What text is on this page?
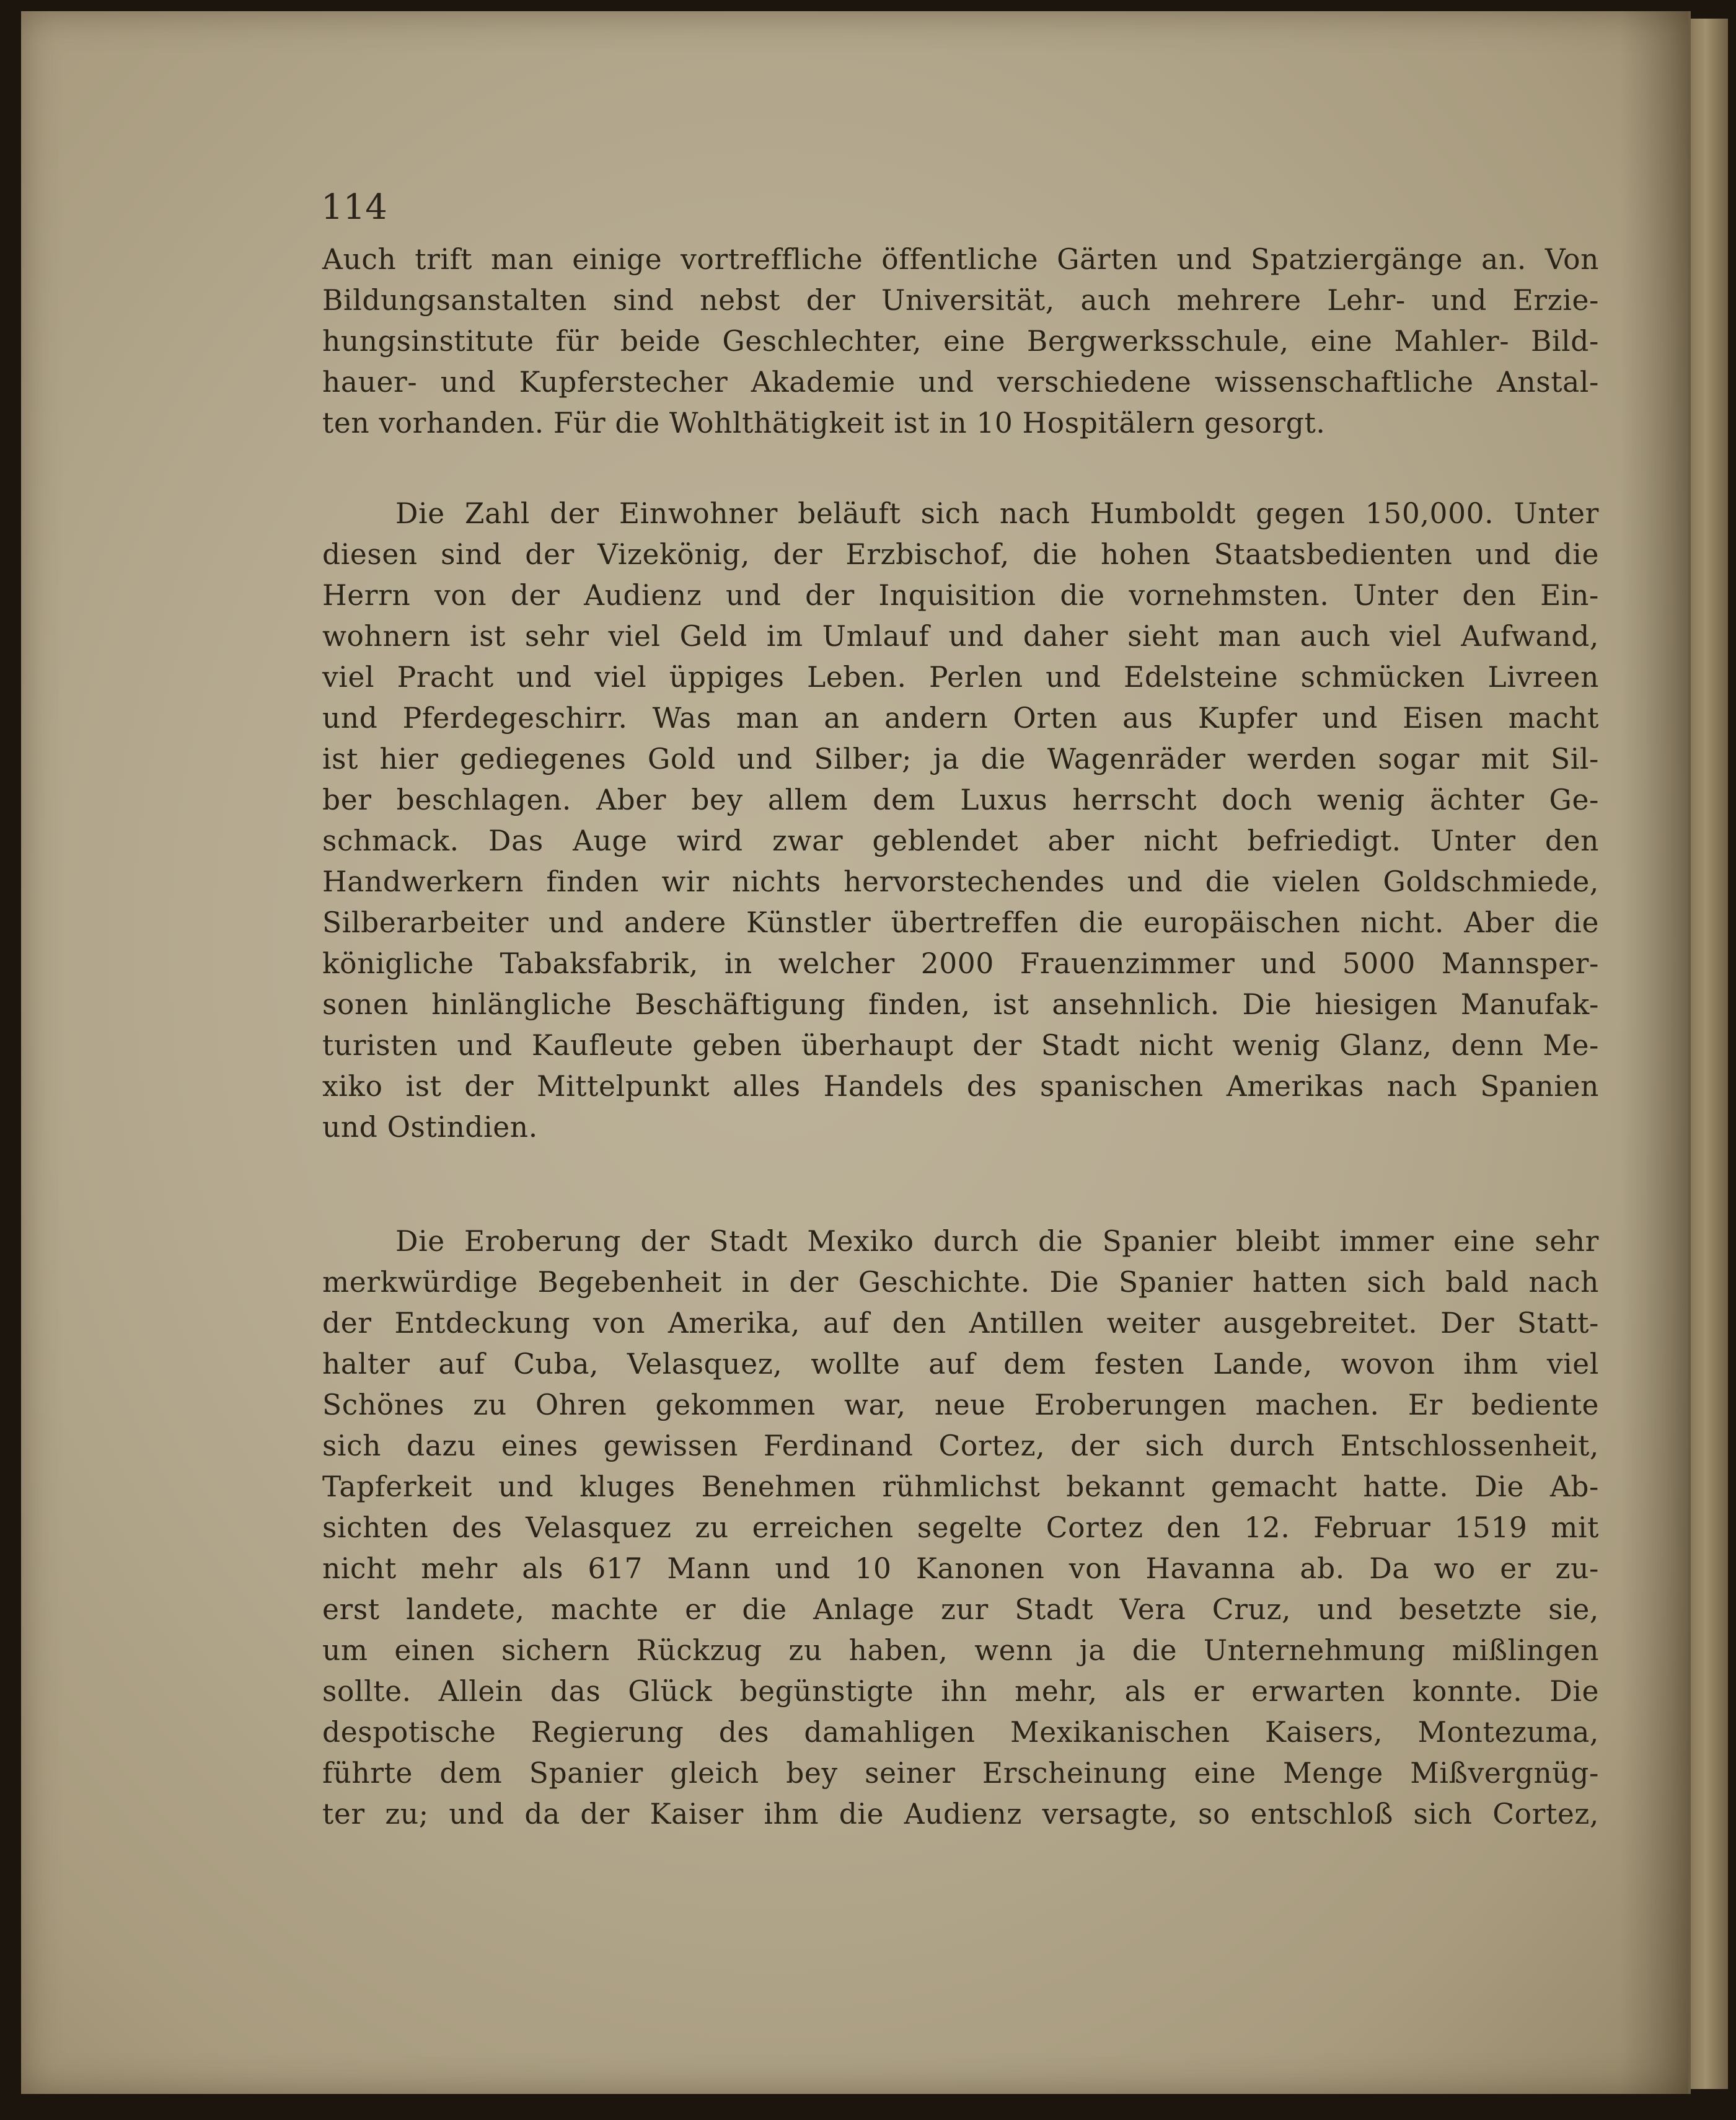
114

Auch trift man einige vortreffliche öffentliche Gärten und Spatziergänge an. Von
Bildungsanstalten sind nebst der Universität, auch mehrere Lehr- und Erzie-
hungsinstitute für beide Geschlechter, eine Bergwerksschule, eine Mahler- Bild-
hauer- und Kupferstecher Akademie und verschiedene wissenschaftliche Anstal-
ten vorhanden. Für die Wohlthätigkeit ist in 10 Hospitälern gesorgt.

Die Zahl der Einwohner beläuft sich nach Humboldt gegen 150,000. Unter
diesen sind der Vizekönig, der Erzbischof, die hohen Staatsbedienten und die
Herrn von der Audienz und der Inquisition die vornehmsten. Unter den Ein-
wohnern ist sehr viel Geld im Umlauf und daher sieht man auch viel Aufwand,
viel Pracht und viel üppiges Leben. Perlen und Edelsteine schmücken Livreen
und Pferdegeschirr. Was man an andern Orten aus Kupfer und Eisen macht
ist hier gediegenes Gold und Silber; ja die Wagenräder werden sogar mit Sil-
ber beschlagen. Aber bey allem dem Luxus herrscht doch wenig ächter Ge-
schmack. Das Auge wird zwar geblendet aber nicht befriedigt. Unter den
Handwerkern finden wir nichts hervorstechendes und die vielen Goldschmiede,
Silberarbeiter und andere Künstler übertreffen die europäischen nicht. Aber die
königliche Tabaksfabrik, in welcher 2000 Frauenzimmer und 5000 Mannsper-
sonen hinlängliche Beschäftigung finden, ist ansehnlich. Die hiesigen Manufak-
turisten und Kaufleute geben überhaupt der Stadt nicht wenig Glanz, denn Me-
xiko ist der Mittelpunkt alles Handels des spanischen Amerikas nach Spanien
und Ostindien.

Die Eroberung der Stadt Mexiko durch die Spanier bleibt immer eine sehr
merkwürdige Begebenheit in der Geschichte. Die Spanier hatten sich bald nach
der Entdeckung von Amerika, auf den Antillen weiter ausgebreitet. Der Statt-
halter auf Cuba, Velasquez, wollte auf dem festen Lande, wovon ihm viel
Schönes zu Ohren gekommen war, neue Eroberungen machen. Er bediente
sich dazu eines gewissen Ferdinand Cortez, der sich durch Entschlossenheit,
Tapferkeit und kluges Benehmen rühmlichst bekannt gemacht hatte. Die Ab-
sichten des Velasquez zu erreichen segelte Cortez den 12. Februar 1519 mit
nicht mehr als 617 Mann und 10 Kanonen von Havanna ab. Da wo er zu-
erst landete, machte er die Anlage zur Stadt Vera Cruz, und besetzte sie,
um einen sichern Rückzug zu haben, wenn ja die Unternehmung mißlingen
sollte. Allein das Glück begünstigte ihn mehr, als er erwarten konnte. Die
despotische Regierung des damahligen Mexikanischen Kaisers, Montezuma,
führte dem Spanier gleich bey seiner Erscheinung eine Menge Mißvergnüg-
ter zu; und da der Kaiser ihm die Audienz versagte, so entschloß sich Cortez,
